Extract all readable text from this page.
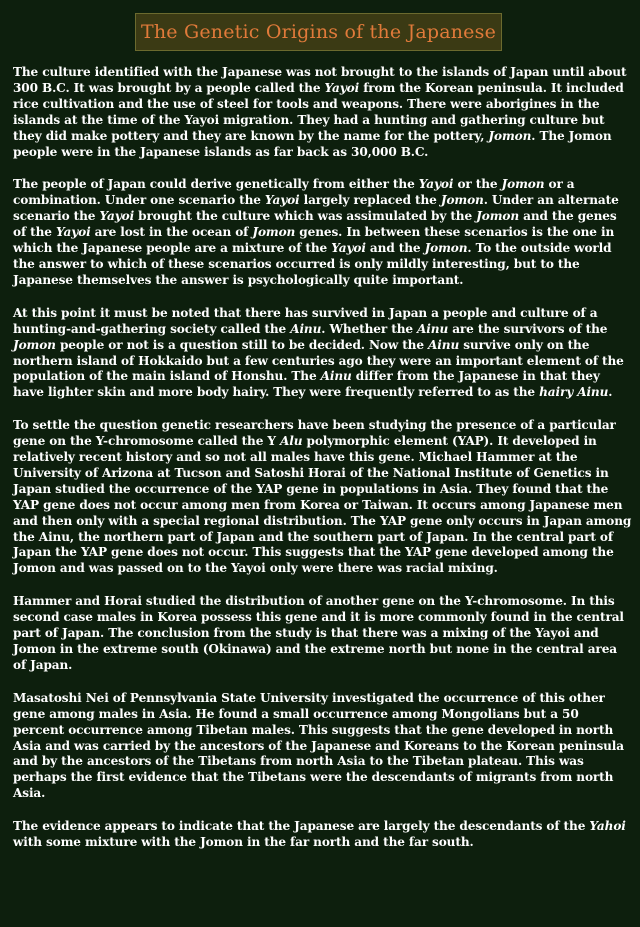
The Genetic Origins of the Japanese

The culture identified with the Japanese was not brought to the islands of Japan until about 300 B.C. It was brought by a people called the Yayoi from the Korean peninsula. It included rice cultivation and the use of steel for tools and weapons. There were aborigines in the islands at the time of the Yayoi migration. They had a hunting and gathering culture but they did make pottery and they are known by the name for the pottery, Jomon. The Jomon people were in the Japanese islands as far back as 30,000 B.C.

The people of Japan could derive genetically from either the Yayoi or the Jomon or a combination. Under one scenario the Yayoi largely replaced the Jomon. Under an alternate scenario the Yayoi brought the culture which was assimulated by the Jomon and the genes of the Yayoi are lost in the ocean of Jomon genes. In between these scenarios is the one in which the Japanese people are a mixture of the Yayoi and the Jomon. To the outside world the answer to which of these scenarios occurred is only mildly interesting, but to the Japanese themselves the answer is psychologically quite important.

At this point it must be noted that there has survived in Japan a people and culture of a hunting-and-gathering society called the Ainu. Whether the Ainu are the survivors of the Jomon people or not is a question still to be decided. Now the Ainu survive only on the northern island of Hokkaido but a few centuries ago they were an important element of the population of the main island of Honshu. The Ainu differ from the Japanese in that they have lighter skin and more body hairy. They were frequently referred to as the hairy Ainu.

To settle the question genetic researchers have been studying the presence of a particular gene on the Y-chromosome called the Y Alu polymorphic element (YAP). It developed in relatively recent history and so not all males have this gene. Michael Hammer at the University of Arizona at Tucson and Satoshi Horai of the National Institute of Genetics in Japan studied the occurrence of the YAP gene in populations in Asia. They found that the YAP gene does not occur among men from Korea or Taiwan. It occurs among Japanese men and then only with a special regional distribution. The YAP gene only occurs in Japan among the Ainu, the northern part of Japan and the southern part of Japan. In the central part of Japan the YAP gene does not occur. This suggests that the YAP gene developed among the Jomon and was passed on to the Yayoi only were there was racial mixing.

Hammer and Horai studied the distribution of another gene on the Y-chromosome. In this second case males in Korea possess this gene and it is more commonly found in the central part of Japan. The conclusion from the study is that there was a mixing of the Yayoi and Jomon in the extreme south (Okinawa) and the extreme north but none in the central area of Japan.

Masatoshi Nei of Pennsylvania State University investigated the occurrence of this other gene among males in Asia. He found a small occurrence among Mongolians but a 50 percent occurrence among Tibetan males. This suggests that the gene developed in north Asia and was carried by the ancestors of the Japanese and Koreans to the Korean peninsula and by the ancestors of the Tibetans from north Asia to the Tibetan plateau. This was perhaps the first evidence that the Tibetans were the descendants of migrants from north Asia.

The evidence appears to indicate that the Japanese are largely the descendants of the Yahoi with some mixture with the Jomon in the far north and the far south.
